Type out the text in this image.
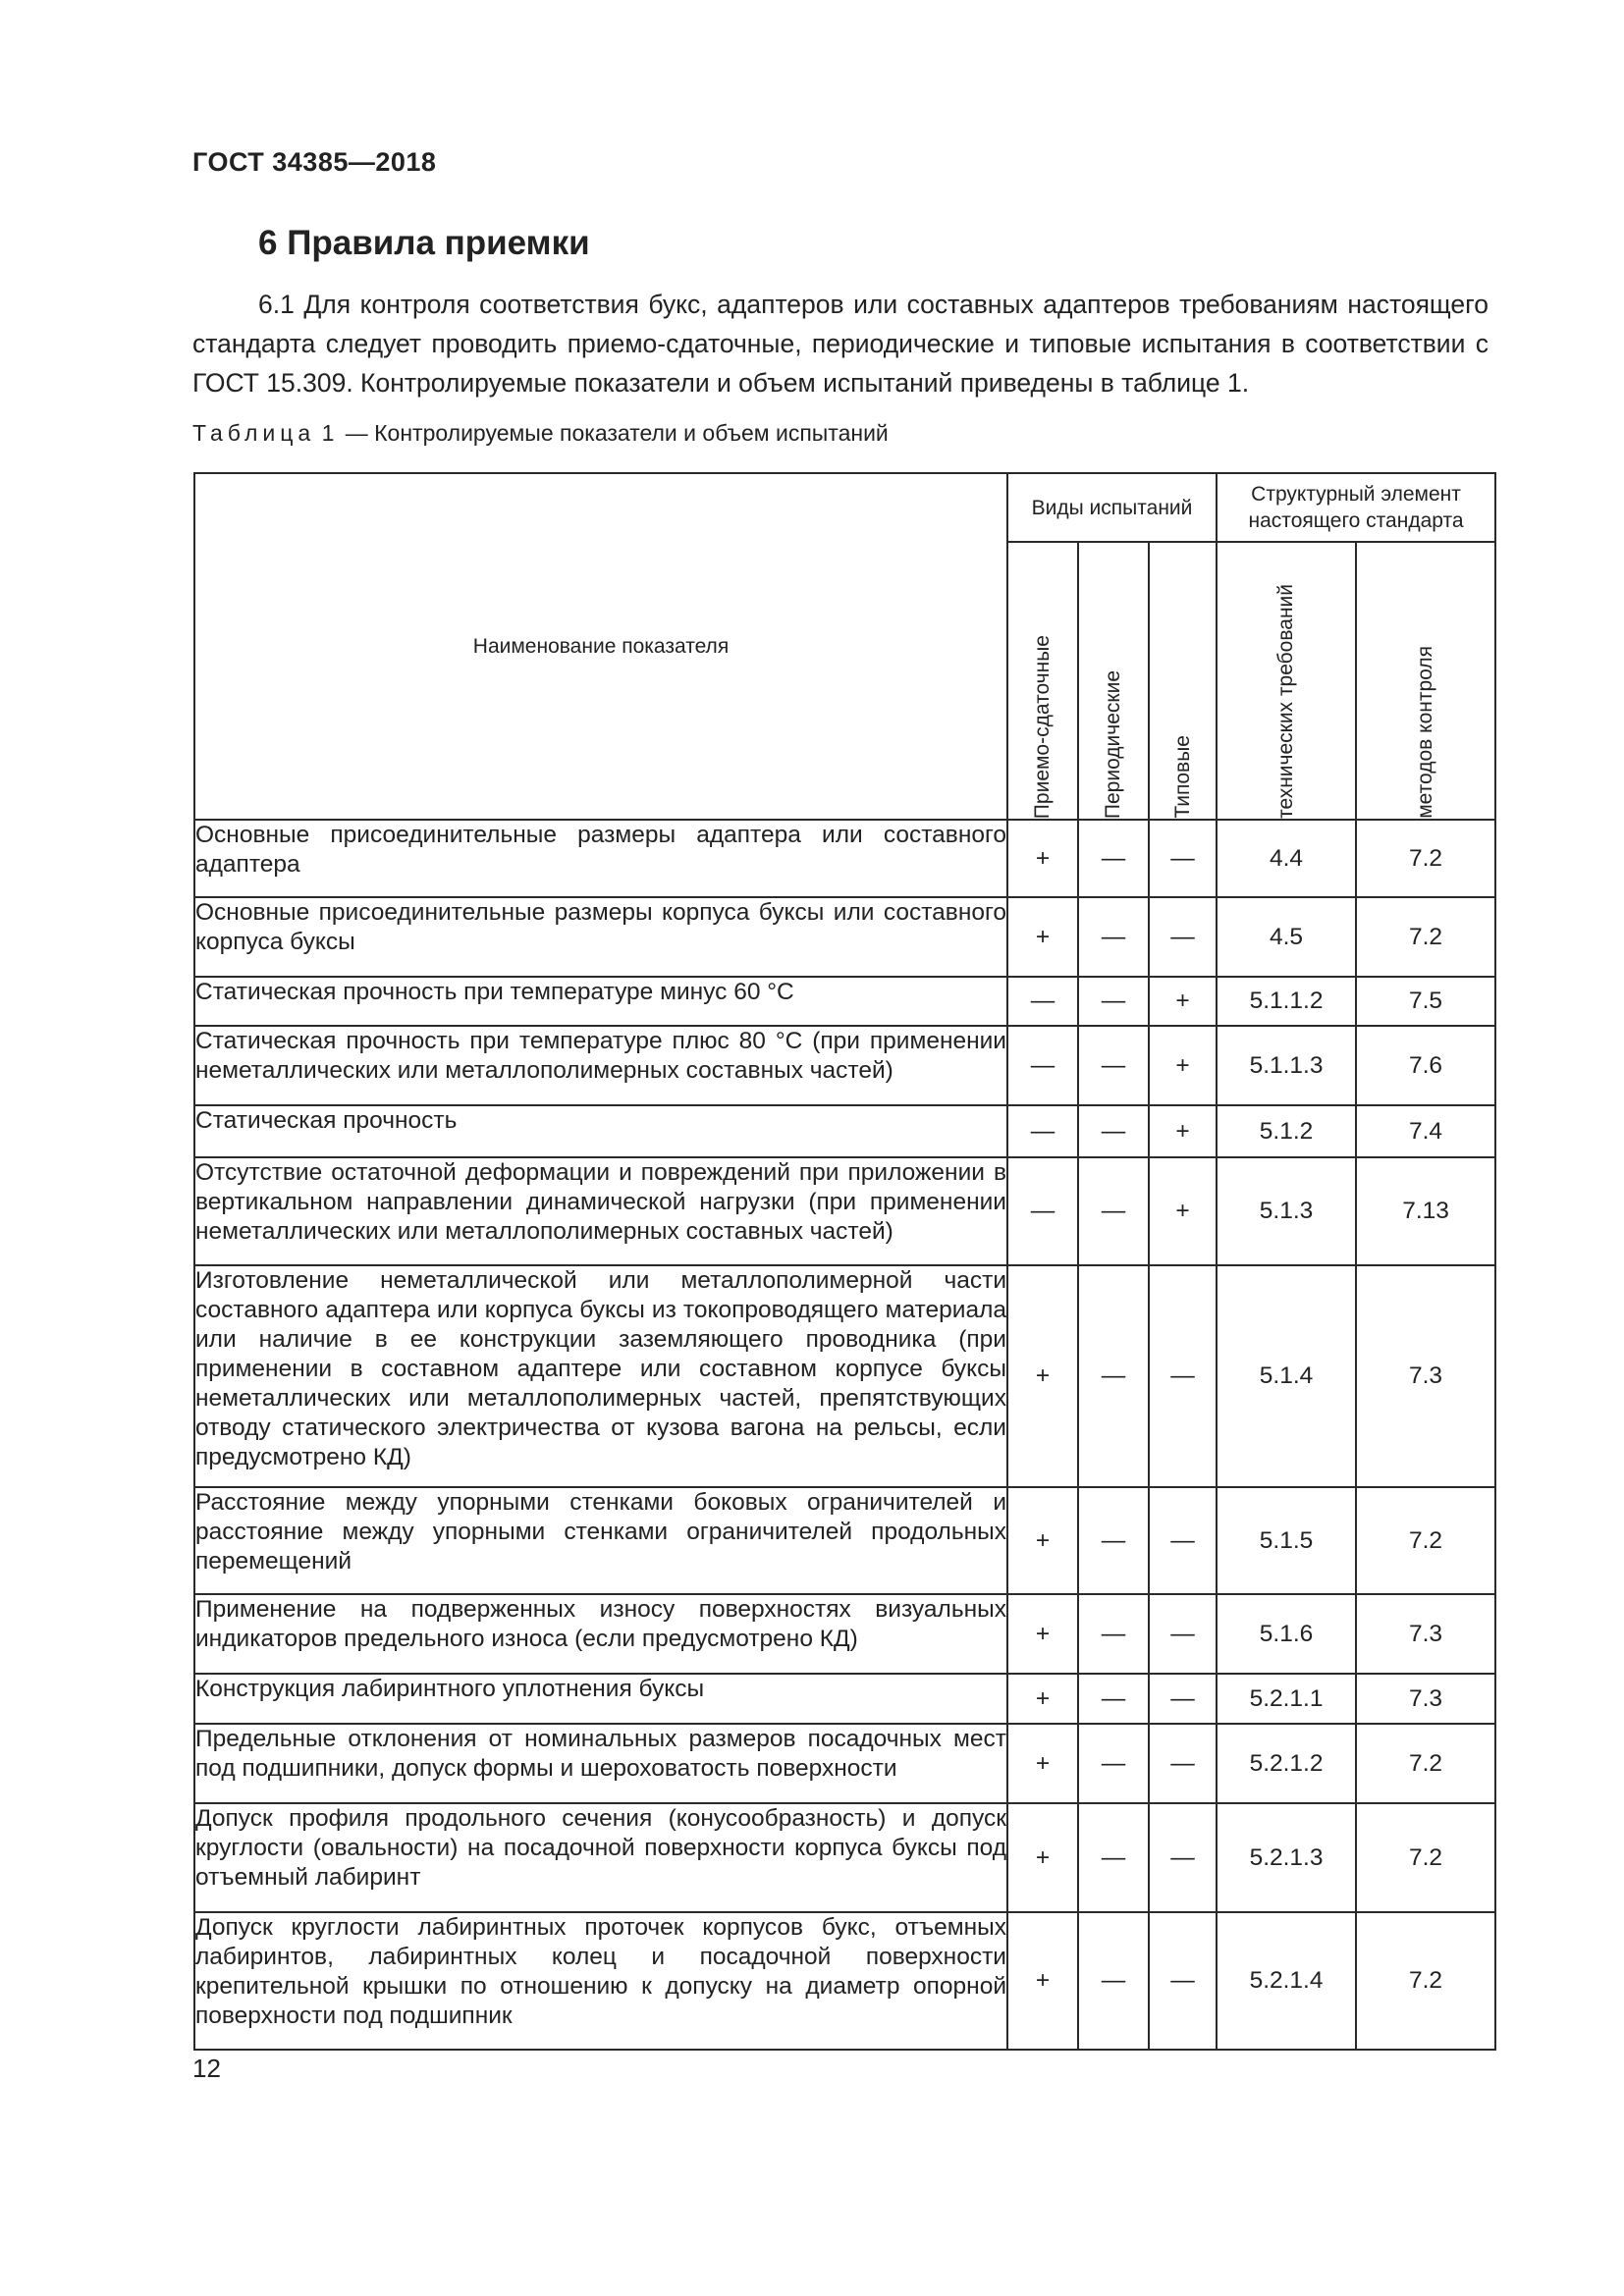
ГОСТ 34385—2018
6 Правила приемки

6.1 Для контроля соответствия букс, адаптеров или составных адаптеров требованиям настоящего стандарта следует проводить приемо-сдаточные, периодические и типовые испытания в соответствии с ГОСТ 15.309. Контролируемые показатели и объем испытаний приведены в таблице 1.

Таблица 1 — Контролируемые показатели и объем испытаний
Наименование показателя	Виды испытаний			Структурный элемент настоящего стандарта	

	Приемо-сдаточные	Периодические	Типовые	технических требований	методов контроля

Основные присоединительные размеры адаптера или составного адаптера	+	—	—	4.4	7.2
Основные присоединительные размеры корпуса буксы или составного корпуса буксы	+	—	—	4.5	7.2
Статическая прочность при температуре минус 60 °C	—	—	+	5.1.1.2	7.5
Статическая прочность при температуре плюс 80 °C (при применении неметаллических или металлополимерных составных частей)	—	—	+	5.1.1.3	7.6
Статическая прочность	—	—	+	5.1.2	7.4
Отсутствие остаточной деформации и повреждений при приложении в вертикальном направлении динамической нагрузки (при применении неметаллических или металлополимерных составных частей)	—	—	+	5.1.3	7.13
Изготовление неметаллической или металлополимерной части составного адаптера или корпуса буксы из токопроводящего материала или наличие в ее конструкции заземляющего проводника (при применении в составном адаптере или составном корпусе буксы неметаллических или металлополимерных частей, препятствующих отводу статического электричества от кузова вагона на рельсы, если предусмотрено КД)	+	—	—	5.1.4	7.3
Расстояние между упорными стенками боковых ограничителей и расстояние между упорными стенками ограничителей продольных перемещений	+	—	—	5.1.5	7.2
Применение на подверженных износу поверхностях визуальных индикаторов предельного износа (если предусмотрено КД)	+	—	—	5.1.6	7.3
Конструкция лабиринтного уплотнения буксы	+	—	—	5.2.1.1	7.3
Предельные отклонения от номинальных размеров посадочных мест под подшипники, допуск формы и шероховатость поверхности	+	—	—	5.2.1.2	7.2
Допуск профиля продольного сечения (конусообразность) и допуск круглости (овальности) на посадочной поверхности корпуса буксы под отъемный лабиринт	+	—	—	5.2.1.3	7.2
Допуск круглости лабиринтных проточек корпусов букс, отъемных лабиринтов, лабиринтных колец и посадочной поверхности крепительной крышки по отношению к допуску на диаметр опорной поверхности под подшипник	+	—	—	5.2.1.4	7.2
12
